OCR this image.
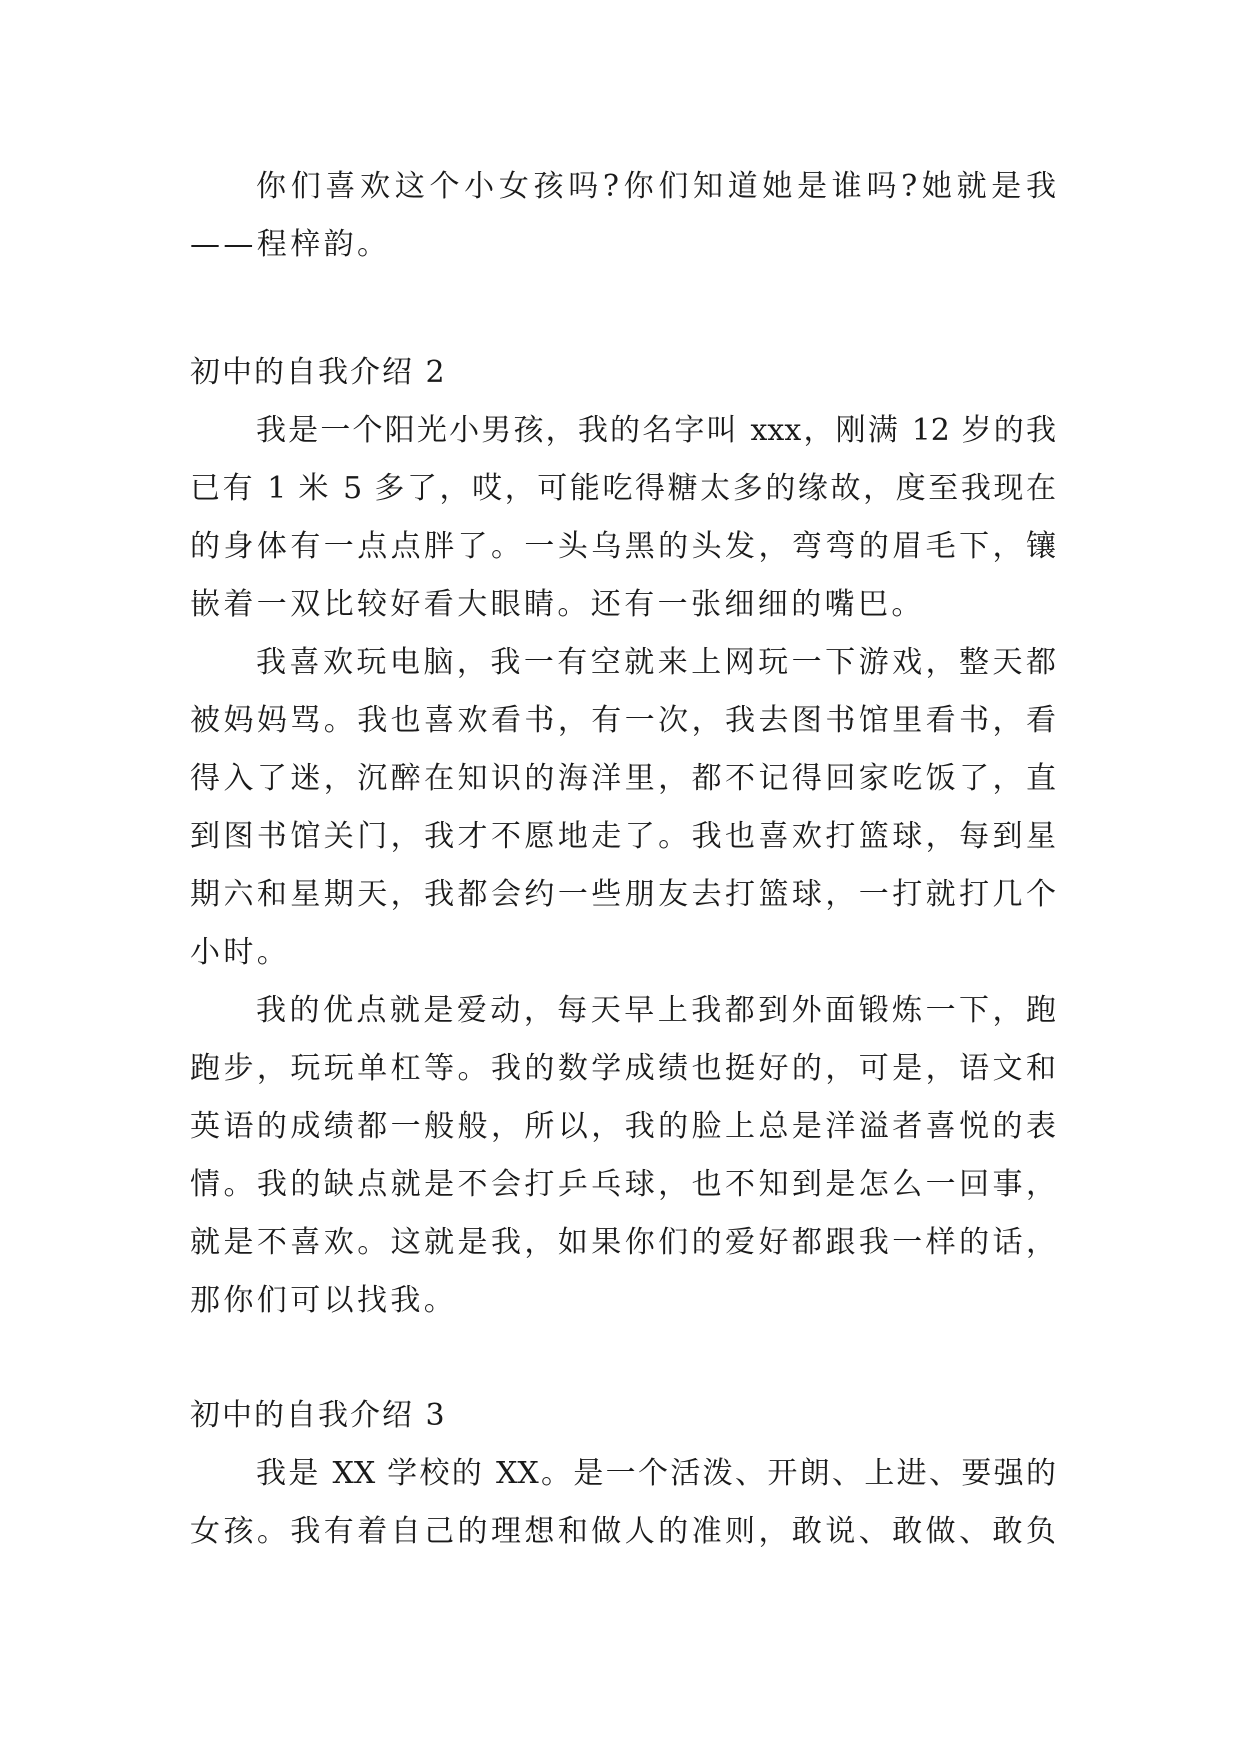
你们喜欢这个小女孩吗?你们知道她是谁吗?她就是我
——程梓韵。
初中的自我介绍 2
我是一个阳光小男孩，我的名字叫 xxx，刚满 12 岁的我
已有 1 米 5 多了，哎，可能吃得糖太多的缘故，度至我现在
的身体有一点点胖了。一头乌黑的头发，弯弯的眉毛下，镶
嵌着一双比较好看大眼睛。还有一张细细的嘴巴。
我喜欢玩电脑，我一有空就来上网玩一下游戏，整天都
被妈妈骂。我也喜欢看书，有一次，我去图书馆里看书，看
得入了迷，沉醉在知识的海洋里，都不记得回家吃饭了，直
到图书馆关门，我才不愿地走了。我也喜欢打篮球，每到星
期六和星期天，我都会约一些朋友去打篮球，一打就打几个
小时。
我的优点就是爱动，每天早上我都到外面锻炼一下，跑
跑步，玩玩单杠等。我的数学成绩也挺好的，可是，语文和
英语的成绩都一般般，所以，我的脸上总是洋溢者喜悦的表
情。我的缺点就是不会打乒乓球，也不知到是怎么一回事，
就是不喜欢。这就是我，如果你们的爱好都跟我一样的话，
那你们可以找我。
初中的自我介绍 3
我是 XX 学校的 XX。是一个活泼、开朗、上进、要强的
女孩。我有着自己的理想和做人的准则，敢说、敢做、敢负
